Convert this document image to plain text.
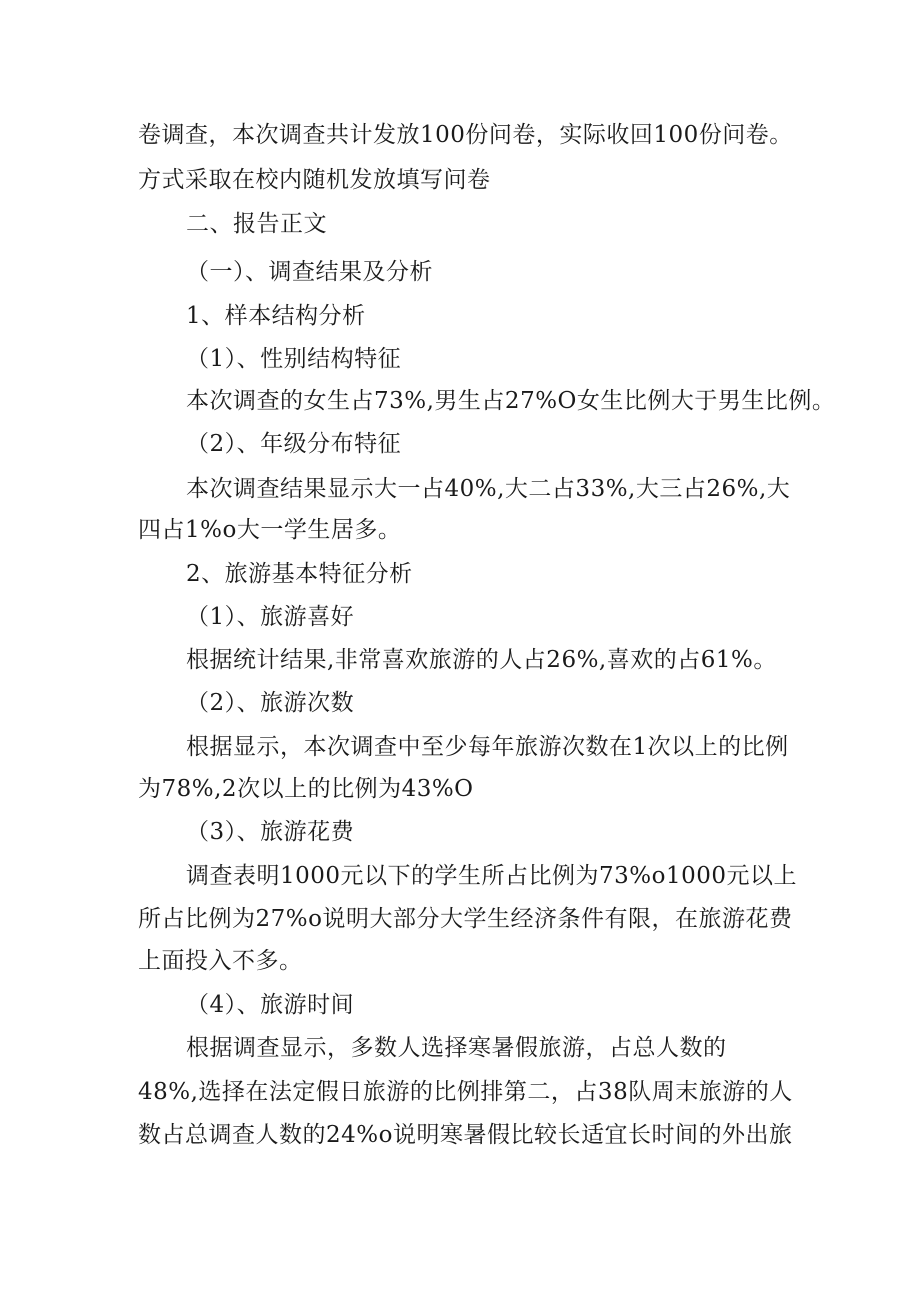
卷调查，本次调查共计发放100份问卷，实际收回100份问卷。
方式采取在校内随机发放填写问卷
二、报告正文
（一）、调查结果及分析
1、样本结构分析
（1）、性别结构特征
本次调查的女生占73%,男生占27%O女生比例大于男生比例。
（2）、年级分布特征
本次调查结果显示大一占40%,大二占33%,大三占26%,大
四占1%o大一学生居多。
2、旅游基本特征分析
（1）、旅游喜好
根据统计结果,非常喜欢旅游的人占26%,喜欢的占61%。
（2）、旅游次数
根据显示，本次调查中至少每年旅游次数在1次以上的比例
为78%,2次以上的比例为43%O
（3）、旅游花费
调查表明1000元以下的学生所占比例为73%o1000元以上
所占比例为27%o说明大部分大学生经济条件有限，在旅游花费
上面投入不多。
（4）、旅游时间
根据调查显示，多数人选择寒暑假旅游，占总人数的
48%,选择在法定假日旅游的比例排第二，占38队周末旅游的人
数占总调查人数的24%o说明寒暑假比较长适宜长时间的外出旅
